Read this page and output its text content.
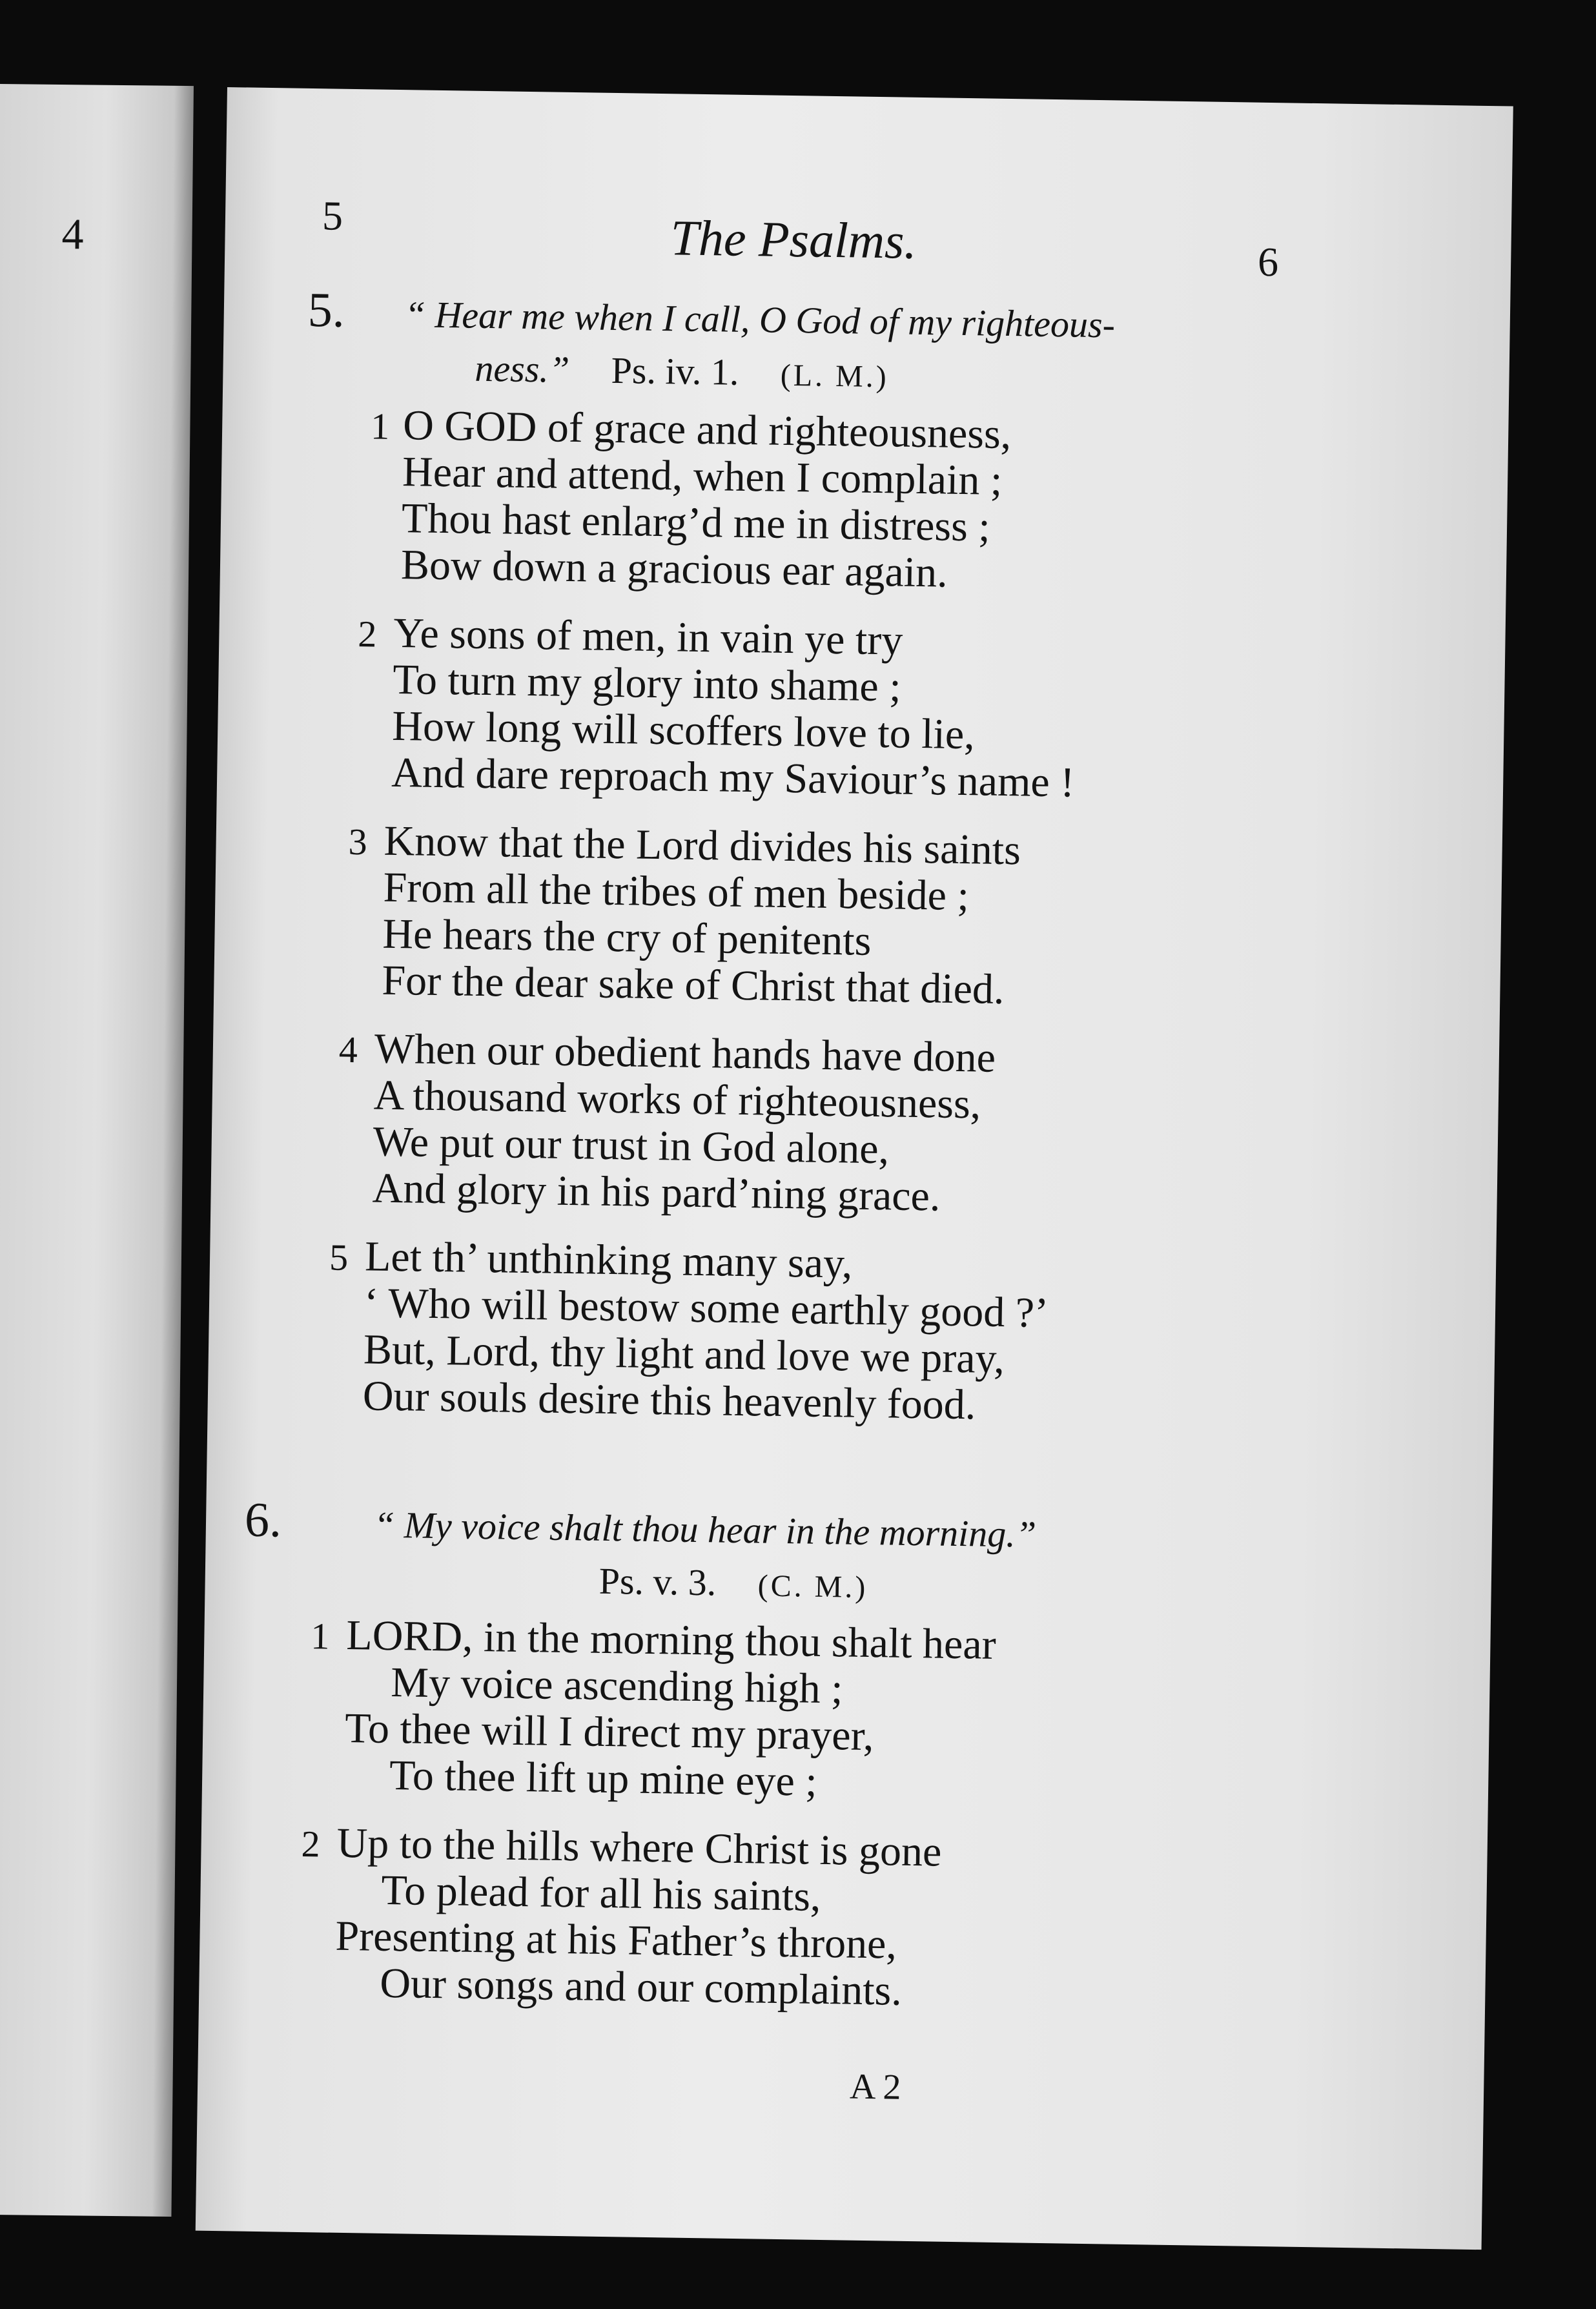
4	5	The Psalms.	6
5. “ Hear me when I call, O God of my righteous-
ness.” Ps. iv. 1. (L. M.)
1 O GOD of grace and righteousness,
Hear and attend, when I complain ;
Thou hast enlarg’d me in distress ;
Bow down a gracious ear again.
2 Ye sons of men, in vain ye try
To turn my glory into shame ;
How long will scoffers love to lie,
And dare reproach my Saviour’s name !
3 Know that the Lord divides his saints
From all the tribes of men beside ;
He hears the cry of penitents
For the dear sake of Christ that died.
4 When our obedient hands have done
A thousand works of righteousness,
We put our trust in God alone,
And glory in his pard’ning grace.
5 Let th’ unthinking many say,
‘ Who will bestow some earthly good ?’
But, Lord, thy light and love we pray,
Our souls desire this heavenly food.
6. “ My voice shalt thou hear in the morning.”
Ps. v. 3. (C. M.)
1 LORD, in the morning thou shalt hear
My voice ascending high ;
To thee will I direct my prayer,
To thee lift up mine eye ;
2 Up to the hills where Christ is gone
To plead for all his saints,
Presenting at his Father’s throne,
Our songs and our complaints.
A 2
